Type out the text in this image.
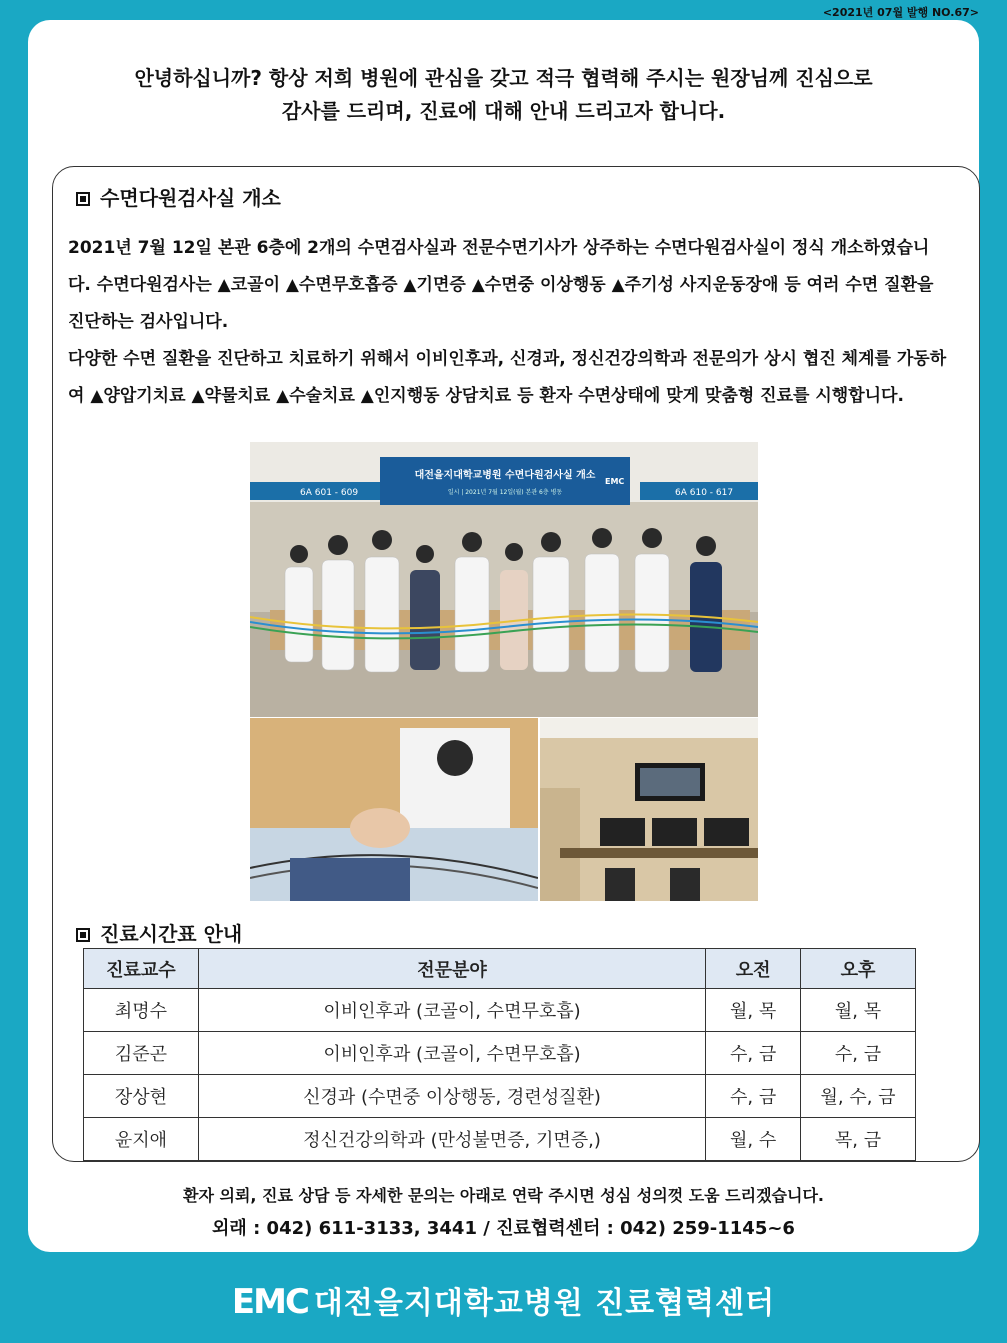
<2021년 07월 발행 NO.67>
안녕하십니까? 항상 저희 병원에 관심을 갖고 적극 협력해 주시는 원장님께 진심으로
감사를 드리며, 진료에 대해 안내 드리고자 합니다.
수면다원검사실 개소

2021년 7월 12일 본관 6층에 2개의 수면검사실과 전문수면기사가 상주하는 수면다원검사실이 정식 개소하였습니다. 수면다원검사는 ▲코골이 ▲수면무호흡증 ▲기면증 ▲수면중 이상행동 ▲주기성 사지운동장애 등 여러 수면 질환을 진단하는 검사입니다.

다양한 수면 질환을 진단하고 치료하기 위해서 이비인후과, 신경과, 정신건강의학과 전문의가 상시 협진 체계를 가동하여 ▲양압기치료 ▲약물치료 ▲수술치료 ▲인지행동 상담치료 등 환자 수면상태에 맞게 맞춤형 진료를 시행합니다.

6A 601 - 609	6A 610 - 617
대전을지대학교병원 수면다원검사실 개소
일시 | 2021년 7월 12일(월) 본관 6층 병동
EMC
진료시간표 안내
진료교수	전문분야	오전	오후
최명수	이비인후과 (코골이, 수면무호흡)	월, 목	월, 목
김준곤	이비인후과 (코골이, 수면무호흡)	수, 금	수, 금
장상현	신경과 (수면중 이상행동, 경련성질환)	수, 금	월, 수, 금
윤지애	정신건강의학과 (만성불면증, 기면증,)	월, 수	목, 금
환자 의뢰, 진료 상담 등 자세한 문의는 아래로 연락 주시면 성심 성의껏 도움 드리겠습니다.
외래 : 042) 611-3133, 3441 / 진료협력센터 : 042) 259-1145~6
EMC 대전을지대학교병원 진료협력센터
